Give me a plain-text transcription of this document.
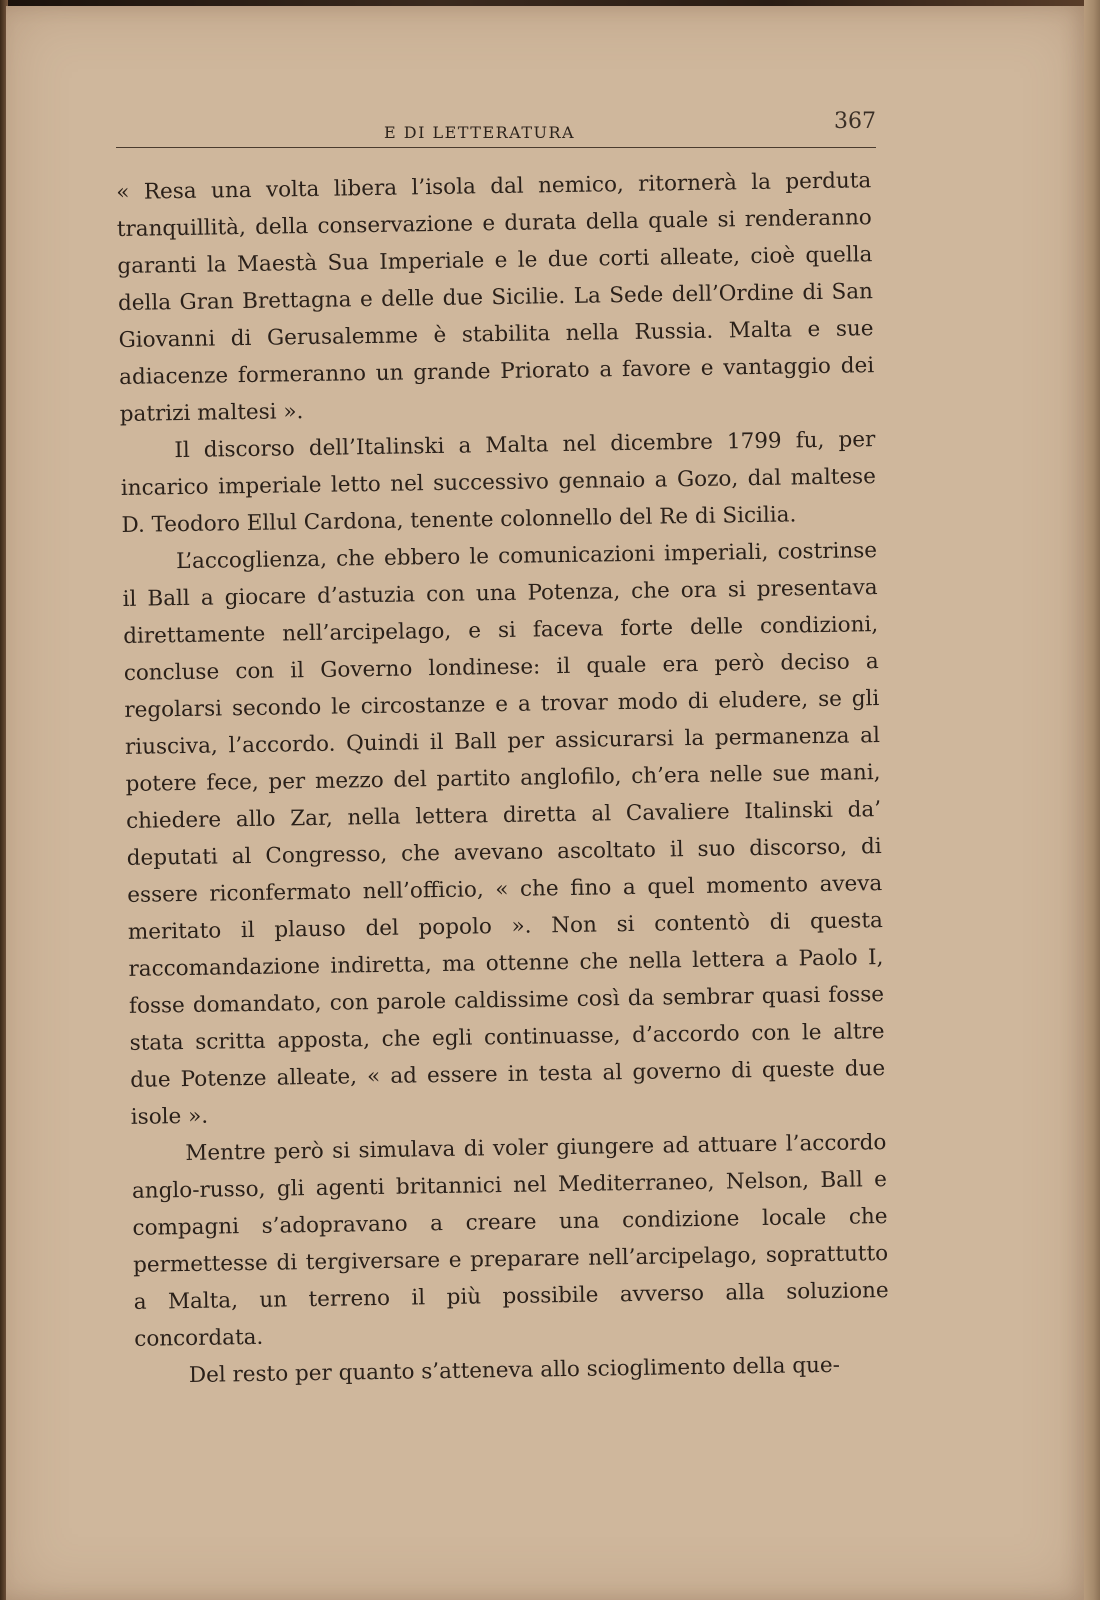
E DI LETTERATURA	367

« Resa una volta libera l’isola dal nemico, ritornerà la perduta tranquillità, della conservazione e durata della quale si renderanno garanti la Maestà Sua Imperiale e le due corti alleate, cioè quella della Gran Brettagna e delle due Sicilie. La Sede dell’Ordine di San Giovanni di Gerusalemme è stabilita nella Russia. Malta e sue adiacenze formeranno un grande Priorato a favore e vantaggio dei patrizi maltesi ».

Il discorso dell’Italinski a Malta nel dicembre 1799 fu, per incarico imperiale letto nel successivo gennaio a Gozo, dal maltese D. Teodoro Ellul Cardona, tenente colonnello del Re di Sicilia.

L’accoglienza, che ebbero le comunicazioni imperiali, costrinse il Ball a giocare d’astuzia con una Potenza, che ora si presentava direttamente nell’arcipelago, e si faceva forte delle condizioni, concluse con il Governo londinese: il quale era però deciso a regolarsi secondo le circostanze e a trovar modo di eludere, se gli riusciva, l’accordo. Quindi il Ball per assicurarsi la permanenza al potere fece, per mezzo del partito anglofilo, ch’era nelle sue mani, chiedere allo Zar, nella lettera diretta al Cavaliere Italinski da’ deputati al Congresso, che avevano ascoltato il suo discorso, di essere riconfermato nell’officio, « che fino a quel momento aveva meritato il plauso del popolo ». Non si contentò di questa raccomandazione indiretta, ma ottenne che nella lettera a Paolo I, fosse domandato, con parole caldissime così da sembrar quasi fosse stata scritta apposta, che egli continuasse, d’accordo con le altre due Potenze alleate, « ad essere in testa al governo di queste due isole ».

Mentre però si simulava di voler giungere ad attuare l’accordo anglo-russo, gli agenti britannici nel Mediterraneo, Nelson, Ball e compagni s’adopravano a creare una condizione locale che permettesse di tergiversare e preparare nell’arcipelago, soprattutto a Malta, un terreno il più possibile avverso alla soluzione concordata.

Del resto per quanto s’atteneva allo scioglimento della que-
